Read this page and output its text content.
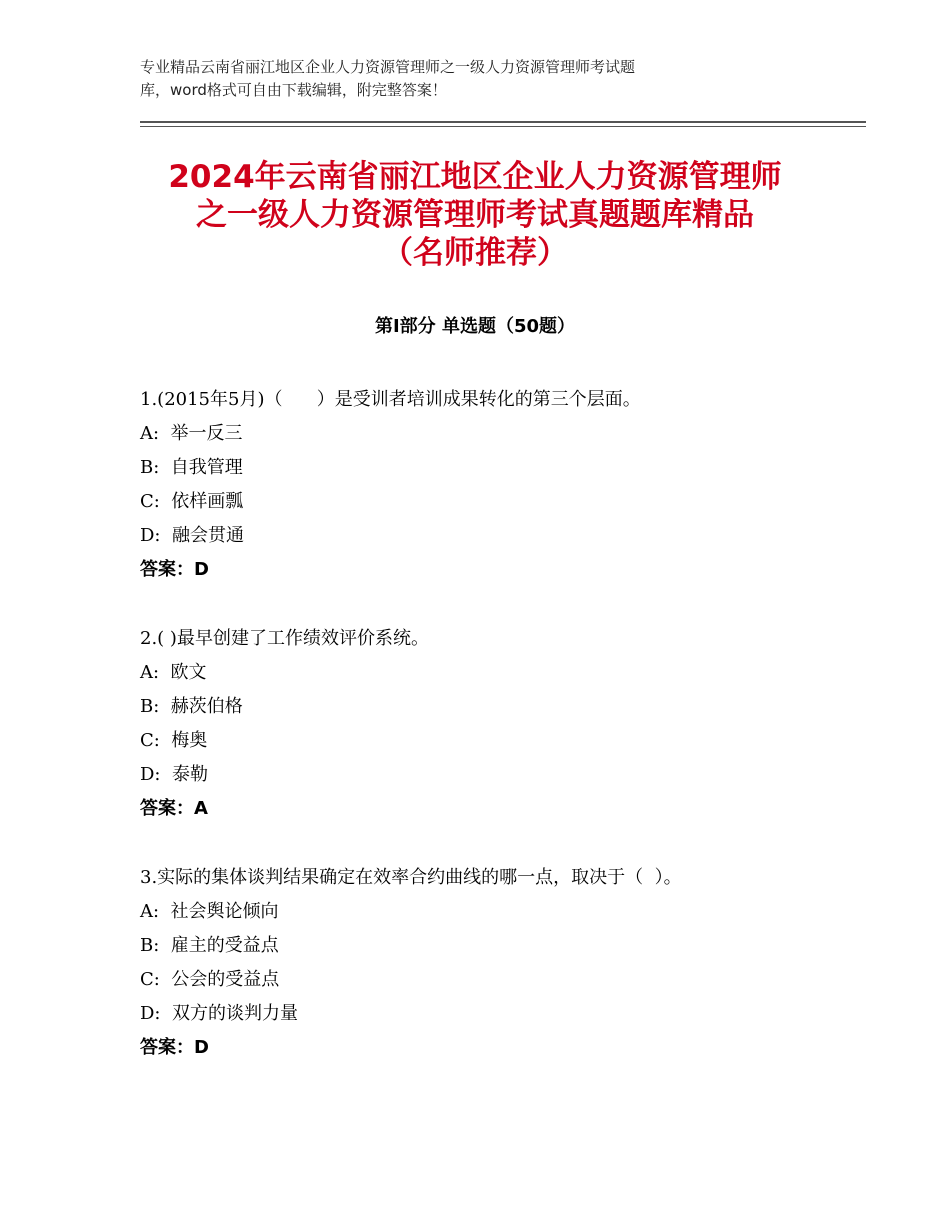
专业精品云南省丽江地区企业人力资源管理师之一级人力资源管理师考试题
库，word格式可自由下载编辑，附完整答案！
2024年云南省丽江地区企业人力资源管理师
之一级人力资源管理师考试真题题库精品
（名师推荐）
第Ⅰ部分 单选题（50题）
1.(2015年5月)（      ）是受训者培训成果转化的第三个层面。
A:  举一反三
B:  自我管理
C:  依样画瓢
D:  融会贯通
答案：D
2.( )最早创建了工作绩效评价系统。
A:  欧文
B:  赫茨伯格
C:  梅奥
D:  泰勒
答案：A
3.实际的集体谈判结果确定在效率合约曲线的哪一点，取决于（  ）。
A:  社会舆论倾向
B:  雇主的受益点
C:  公会的受益点
D:  双方的谈判力量
答案：D
